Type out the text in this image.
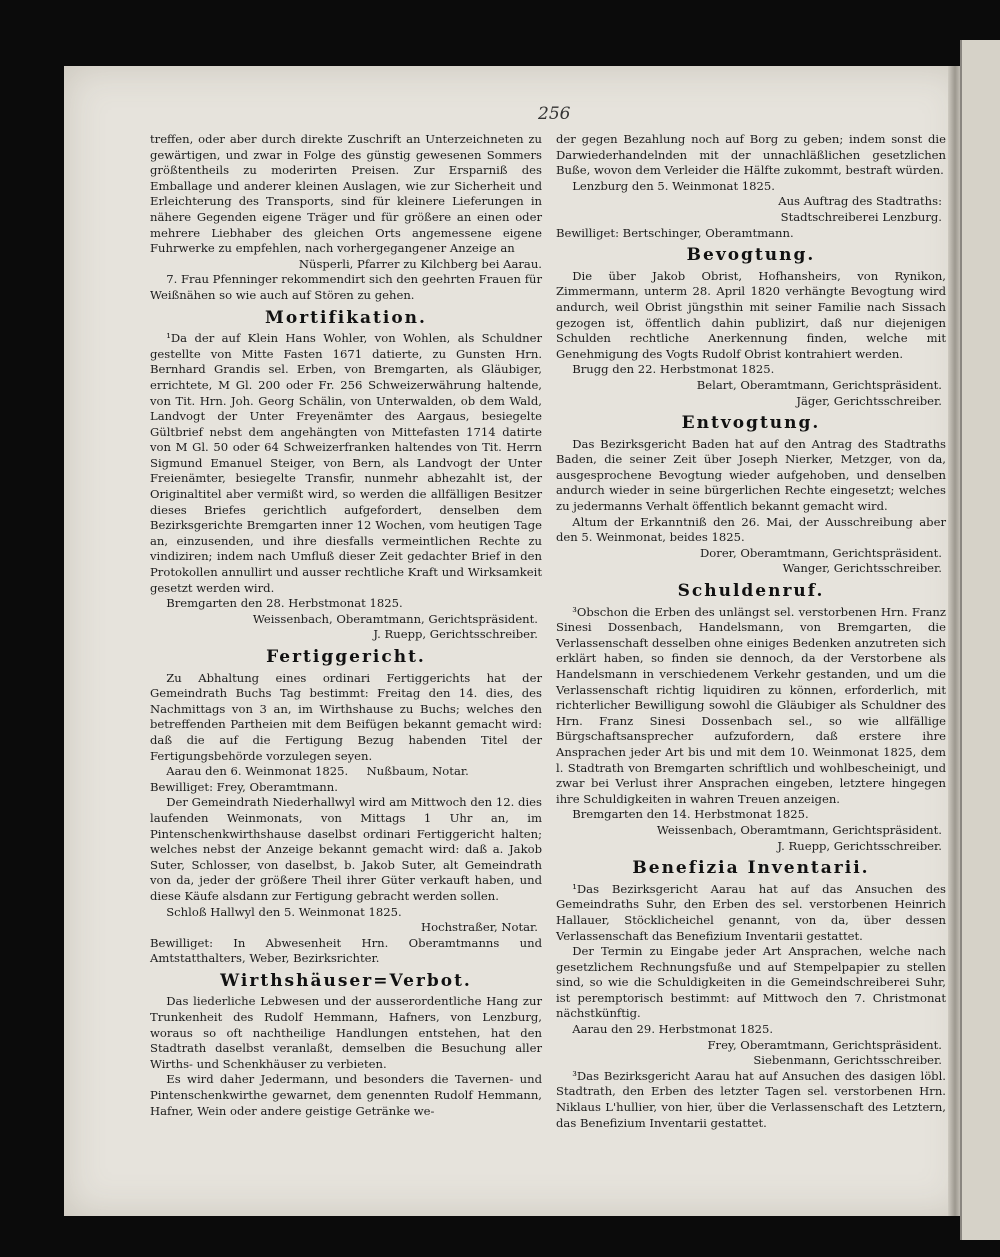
256

treffen, oder aber durch direkte Zuschrift an Unterzeichneten zu gewärtigen, und zwar in Folge des günstig gewesenen Sommers größtentheils zu moderirten Preisen. Zur Ersparniß des Emballage und anderer kleinen Auslagen, wie zur Sicherheit und Erleichterung des Transports, sind für kleinere Lieferungen in nähere Gegenden eigene Träger und für größere an einen oder mehrere Liebhaber des gleichen Orts angemessene eigene Fuhrwerke zu empfehlen, nach vorhergegangener Anzeige an

Nüsperli, Pfarrer zu Kilchberg bei Aarau.

7. Frau Pfenninger rekommendirt sich den geehrten Frauen für Weißnähen so wie auch auf Stören zu gehen.

Mortifikation.

¹Da der auf Klein Hans Wohler, von Wohlen, als Schuldner gestellte von Mitte Fasten 1671 datierte, zu Gunsten Hrn. Bernhard Grandis sel. Erben, von Bremgarten, als Gläubiger, errichtete, M Gl. 200 oder Fr. 256 Schweizerwährung haltende, von Tit. Hrn. Joh. Georg Schälin, von Unterwalden, ob dem Wald, Landvogt der Unter Freyenämter des Aargaus, besiegelte Gültbrief nebst dem angehängten von Mittefasten 1714 datirte von M Gl. 50 oder 64 Schweizerfranken haltendes von Tit. Herrn Sigmund Emanuel Steiger, von Bern, als Landvogt der Unter Freienämter, besiegelte Transfir, nunmehr abhezahlt ist, der Originaltitel aber vermißt wird, so werden die allfälligen Besitzer dieses Briefes gerichtlich aufgefordert, denselben dem Bezirksgerichte Bremgarten inner 12 Wochen, vom heutigen Tage an, einzusenden, und ihre diesfalls vermeintlichen Rechte zu vindiziren; indem nach Umfluß dieser Zeit gedachter Brief in den Protokollen annullirt und ausser rechtliche Kraft und Wirksamkeit gesetzt werden wird.

Bremgarten den 28. Herbstmonat 1825.

Weissenbach, Oberamtmann, Gerichtspräsident.

J. Ruepp, Gerichtsschreiber.

Fertiggericht.

Zu Abhaltung eines ordinari Fertiggerichts hat der Gemeindrath Buchs Tag bestimmt: Freitag den 14. dies, des Nachmittags von 3 an, im Wirthshause zu Buchs; welches den betreffenden Partheien mit dem Beifügen bekannt gemacht wird: daß die auf die Fertigung Bezug habenden Titel der Fertigungsbehörde vorzulegen seyen.

Aarau den 6. Weinmonat 1825. Nußbaum, Notar.

Bewilliget: Frey, Oberamtmann.

Der Gemeindrath Niederhallwyl wird am Mittwoch den 12. dies laufenden Weinmonats, von Mittags 1 Uhr an, im Pintenschenkwirthshause daselbst ordinari Fertiggericht halten; welches nebst der Anzeige bekannt gemacht wird: daß a. Jakob Suter, Schlosser, von daselbst, b. Jakob Suter, alt Gemeindrath von da, jeder der größere Theil ihrer Güter verkauft haben, und diese Käufe alsdann zur Fertigung gebracht werden sollen.

Schloß Hallwyl den 5. Weinmonat 1825.

Hochstraßer, Notar.

Bewilliget: In Abwesenheit Hrn. Oberamtmanns und Amtstatthalters, Weber, Bezirksrichter.

Wirthshäuser=Verbot.

Das liederliche Lebwesen und der ausserordentliche Hang zur Trunkenheit des Rudolf Hemmann, Hafners, von Lenzburg, woraus so oft nachtheilige Handlungen entstehen, hat den Stadtrath daselbst veranlaßt, demselben die Besuchung aller Wirths- und Schenkhäuser zu verbieten.

Es wird daher Jedermann, und besonders die Tavernen- und Pintenschenkwirthe gewarnet, dem genennten Rudolf Hemmann, Hafner, Wein oder andere geistige Getränke we-

der gegen Bezahlung noch auf Borg zu geben; indem sonst die Darwiederhandelnden mit der unnachläßlichen gesetzlichen Buße, wovon dem Verleider die Hälfte zukommt, bestraft würden.

Lenzburg den 5. Weinmonat 1825.

Aus Auftrag des Stadtraths:

Stadtschreiberei Lenzburg.

Bewilliget: Bertschinger, Oberamtmann.

Bevogtung.

Die über Jakob Obrist, Hofhansheirs, von Rynikon, Zimmermann, unterm 28. April 1820 verhängte Bevogtung wird andurch, weil Obrist jüngsthin mit seiner Familie nach Sissach gezogen ist, öffentlich dahin publizirt, daß nur diejenigen Schulden rechtliche Anerkennung finden, welche mit Genehmigung des Vogts Rudolf Obrist kontrahiert werden.

Brugg den 22. Herbstmonat 1825.

Belart, Oberamtmann, Gerichtspräsident.

Jäger, Gerichtsschreiber.

Entvogtung.

Das Bezirksgericht Baden hat auf den Antrag des Stadtraths Baden, die seiner Zeit über Joseph Nierker, Metzger, von da, ausgesprochene Bevogtung wieder aufgehoben, und denselben andurch wieder in seine bürgerlichen Rechte eingesetzt; welches zu jedermanns Verhalt öffentlich bekannt gemacht wird.

Altum der Erkanntniß den 26. Mai, der Ausschreibung aber den 5. Weinmonat, beides 1825.

Dorer, Oberamtmann, Gerichtspräsident.

Wanger, Gerichtsschreiber.

Schuldenruf.

³Obschon die Erben des unlängst sel. verstorbenen Hrn. Franz Sinesi Dossenbach, Handelsmann, von Bremgarten, die Verlassenschaft desselben ohne einiges Bedenken anzutreten sich erklärt haben, so finden sie dennoch, da der Verstorbene als Handelsmann in verschiedenem Verkehr gestanden, und um die Verlassenschaft richtig liquidiren zu können, erforderlich, mit richterlicher Bewilligung sowohl die Gläubiger als Schuldner des Hrn. Franz Sinesi Dossenbach sel., so wie allfällige Bürgschaftsansprecher aufzufordern, daß erstere ihre Ansprachen jeder Art bis und mit dem 10. Weinmonat 1825, dem l. Stadtrath von Bremgarten schriftlich und wohlbescheinigt, und zwar bei Verlust ihrer Ansprachen eingeben, letztere hingegen ihre Schuldigkeiten in wahren Treuen anzeigen.

Bremgarten den 14. Herbstmonat 1825.

Weissenbach, Oberamtmann, Gerichtspräsident.

J. Ruepp, Gerichtsschreiber.

Benefizia Inventarii.

¹Das Bezirksgericht Aarau hat auf das Ansuchen des Gemeindraths Suhr, den Erben des sel. verstorbenen Heinrich Hallauer, Stöcklicheichel genannt, von da, über dessen Verlassenschaft das Benefizium Inventarii gestattet.

Der Termin zu Eingabe jeder Art Ansprachen, welche nach gesetzlichem Rechnungsfuße und auf Stempelpapier zu stellen sind, so wie die Schuldigkeiten in die Gemeindschreiberei Suhr, ist peremptorisch bestimmt: auf Mittwoch den 7. Christmonat nächstkünftig.

Aarau den 29. Herbstmonat 1825.

Frey, Oberamtmann, Gerichtspräsident.

Siebenmann, Gerichtsschreiber.

³Das Bezirksgericht Aarau hat auf Ansuchen des dasigen löbl. Stadtrath, den Erben des letzter Tagen sel. verstorbenen Hrn. Niklaus L'hullier, von hier, über die Verlassenschaft des Letztern, das Benefizium Inventarii gestattet.
